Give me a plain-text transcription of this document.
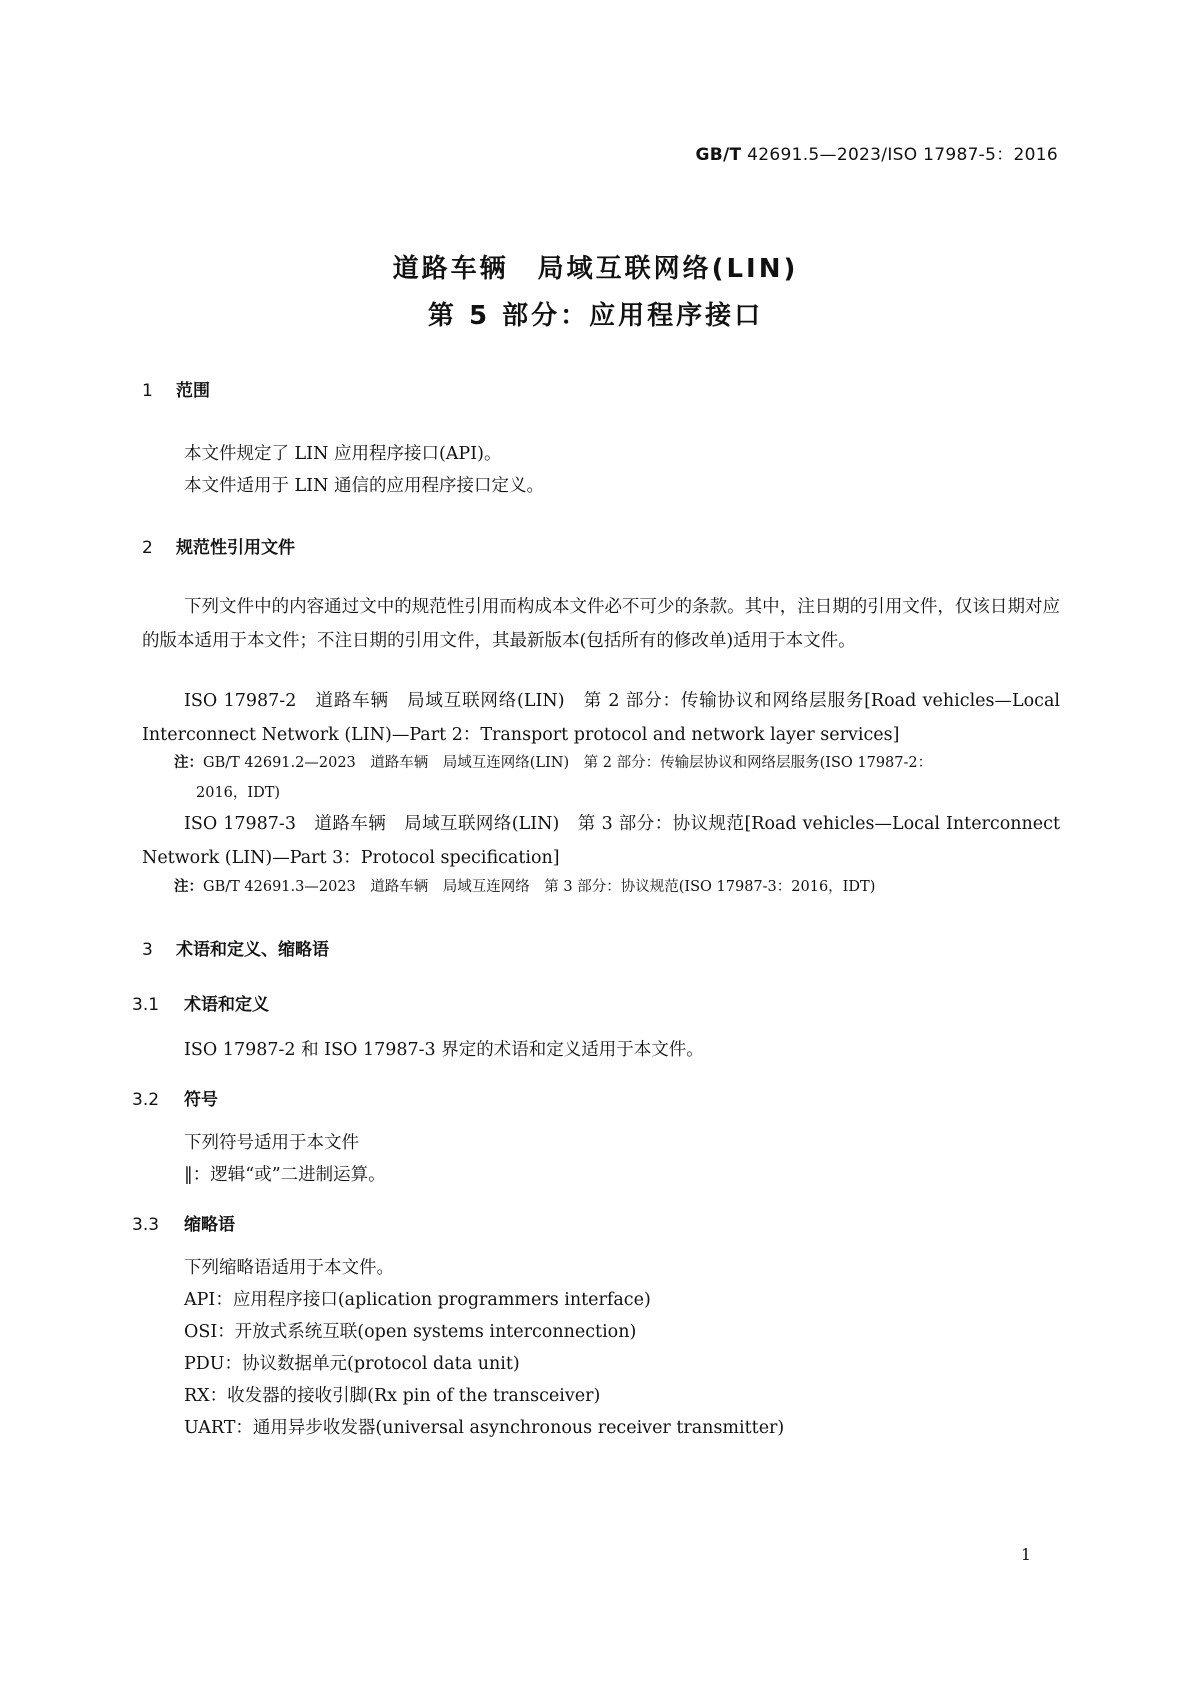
GB/T 42691.5—2023/ISO 17987-5：2016
道路车辆　局域互联网络(LIN)
第 5 部分：应用程序接口
1 范围
本文件规定了 LIN 应用程序接口(API)。
本文件适用于 LIN 通信的应用程序接口定义。
2 规范性引用文件
下列文件中的内容通过文中的规范性引用而构成本文件必不可少的条款。其中，注日期的引用文件，仅该日期对应的版本适用于本文件；不注日期的引用文件，其最新版本(包括所有的修改单)适用于本文件。
ISO 17987-2　道路车辆　局域互联网络(LIN)　第 2 部分：传输协议和网络层服务[Road vehicles—Local Interconnect Network (LIN)—Part 2：Transport protocol and network layer services]
注：GB/T 42691.2—2023　道路车辆　局域互连网络(LIN)　第 2 部分：传输层协议和网络层服务(ISO 17987-2：
2016，IDT)
ISO 17987-3　道路车辆　局域互联网络(LIN)　第 3 部分：协议规范[Road vehicles—Local Interconnect Network (LIN)—Part 3：Protocol specification]
注：GB/T 42691.3—2023　道路车辆　局域互连网络　第 3 部分：协议规范(ISO 17987-3：2016，IDT)
3 术语和定义、缩略语
3.1 术语和定义
ISO 17987-2 和 ISO 17987-3 界定的术语和定义适用于本文件。
3.2 符号
下列符号适用于本文件
‖：逻辑“或”二进制运算。
3.3 缩略语
下列缩略语适用于本文件。
API：应用程序接口(aplication programmers interface)
OSI：开放式系统互联(open systems interconnection)
PDU：协议数据单元(protocol data unit)
RX：收发器的接收引脚(Rx pin of the transceiver)
UART：通用异步收发器(universal asynchronous receiver transmitter)
1
